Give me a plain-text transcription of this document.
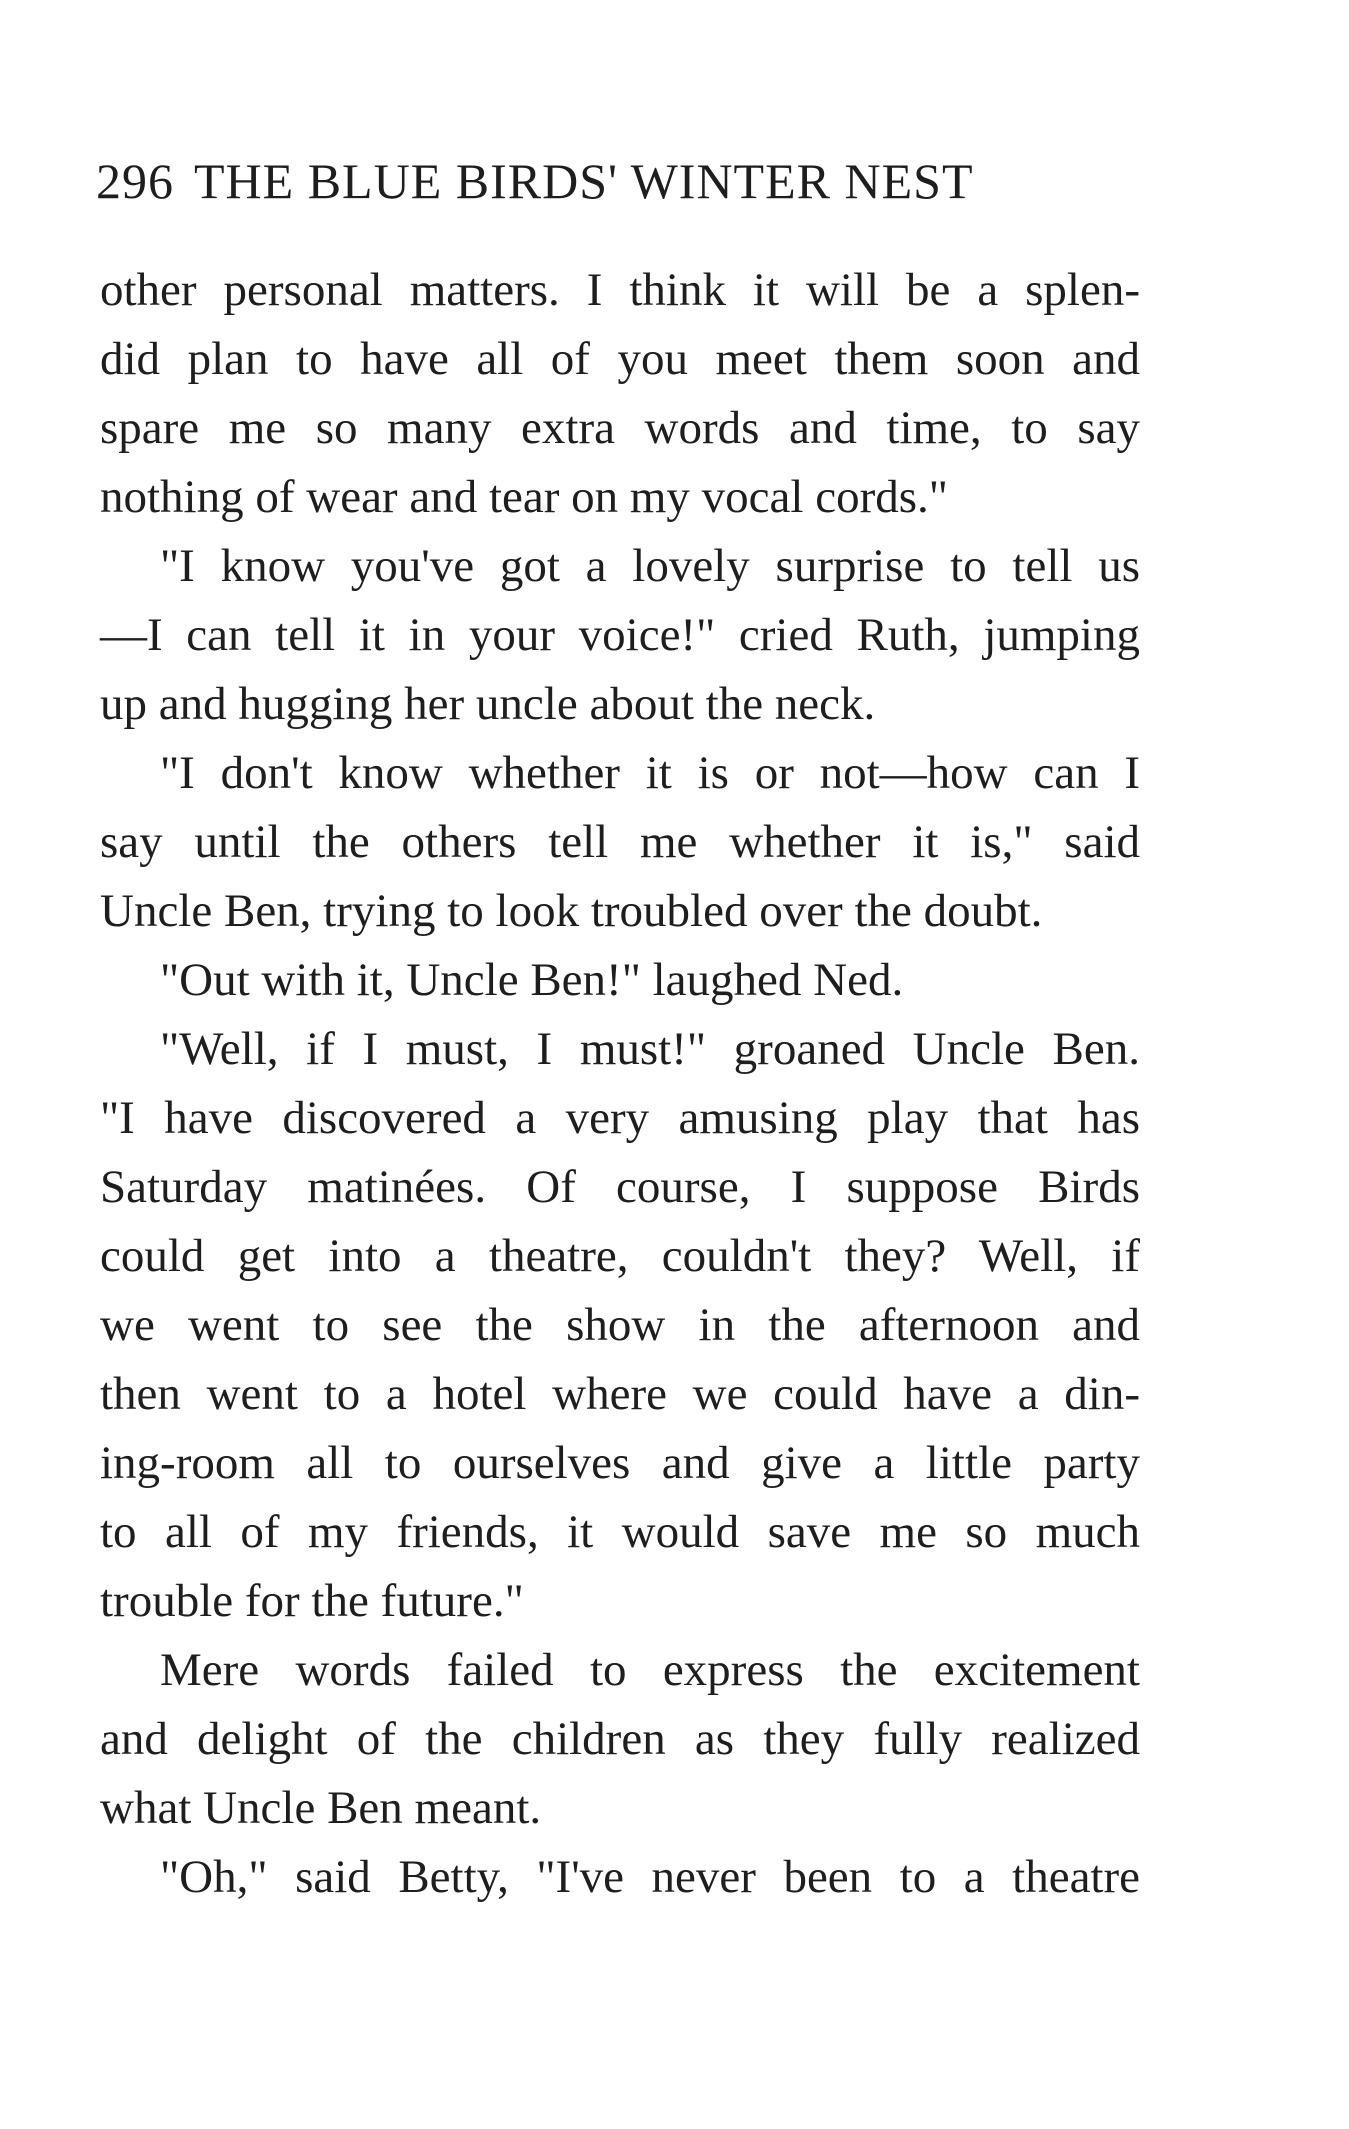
296 THE BLUE BIRDS' WINTER NEST
other personal matters. I think it will be a splen-
did plan to have all of you meet them soon and
spare me so many extra words and time, to say
nothing of wear and tear on my vocal cords."
"I know you've got a lovely surprise to tell us
—I can tell it in your voice!" cried Ruth, jumping
up and hugging her uncle about the neck.
"I don't know whether it is or not—how can I
say until the others tell me whether it is," said
Uncle Ben, trying to look troubled over the doubt.
"Out with it, Uncle Ben!" laughed Ned.
"Well, if I must, I must!" groaned Uncle Ben.
"I have discovered a very amusing play that has
Saturday matinées. Of course, I suppose Birds
could get into a theatre, couldn't they? Well, if
we went to see the show in the afternoon and
then went to a hotel where we could have a din-
ing-room all to ourselves and give a little party
to all of my friends, it would save me so much
trouble for the future."
Mere words failed to express the excitement
and delight of the children as they fully realized
what Uncle Ben meant.
"Oh," said Betty, "I've never been to a theatre
